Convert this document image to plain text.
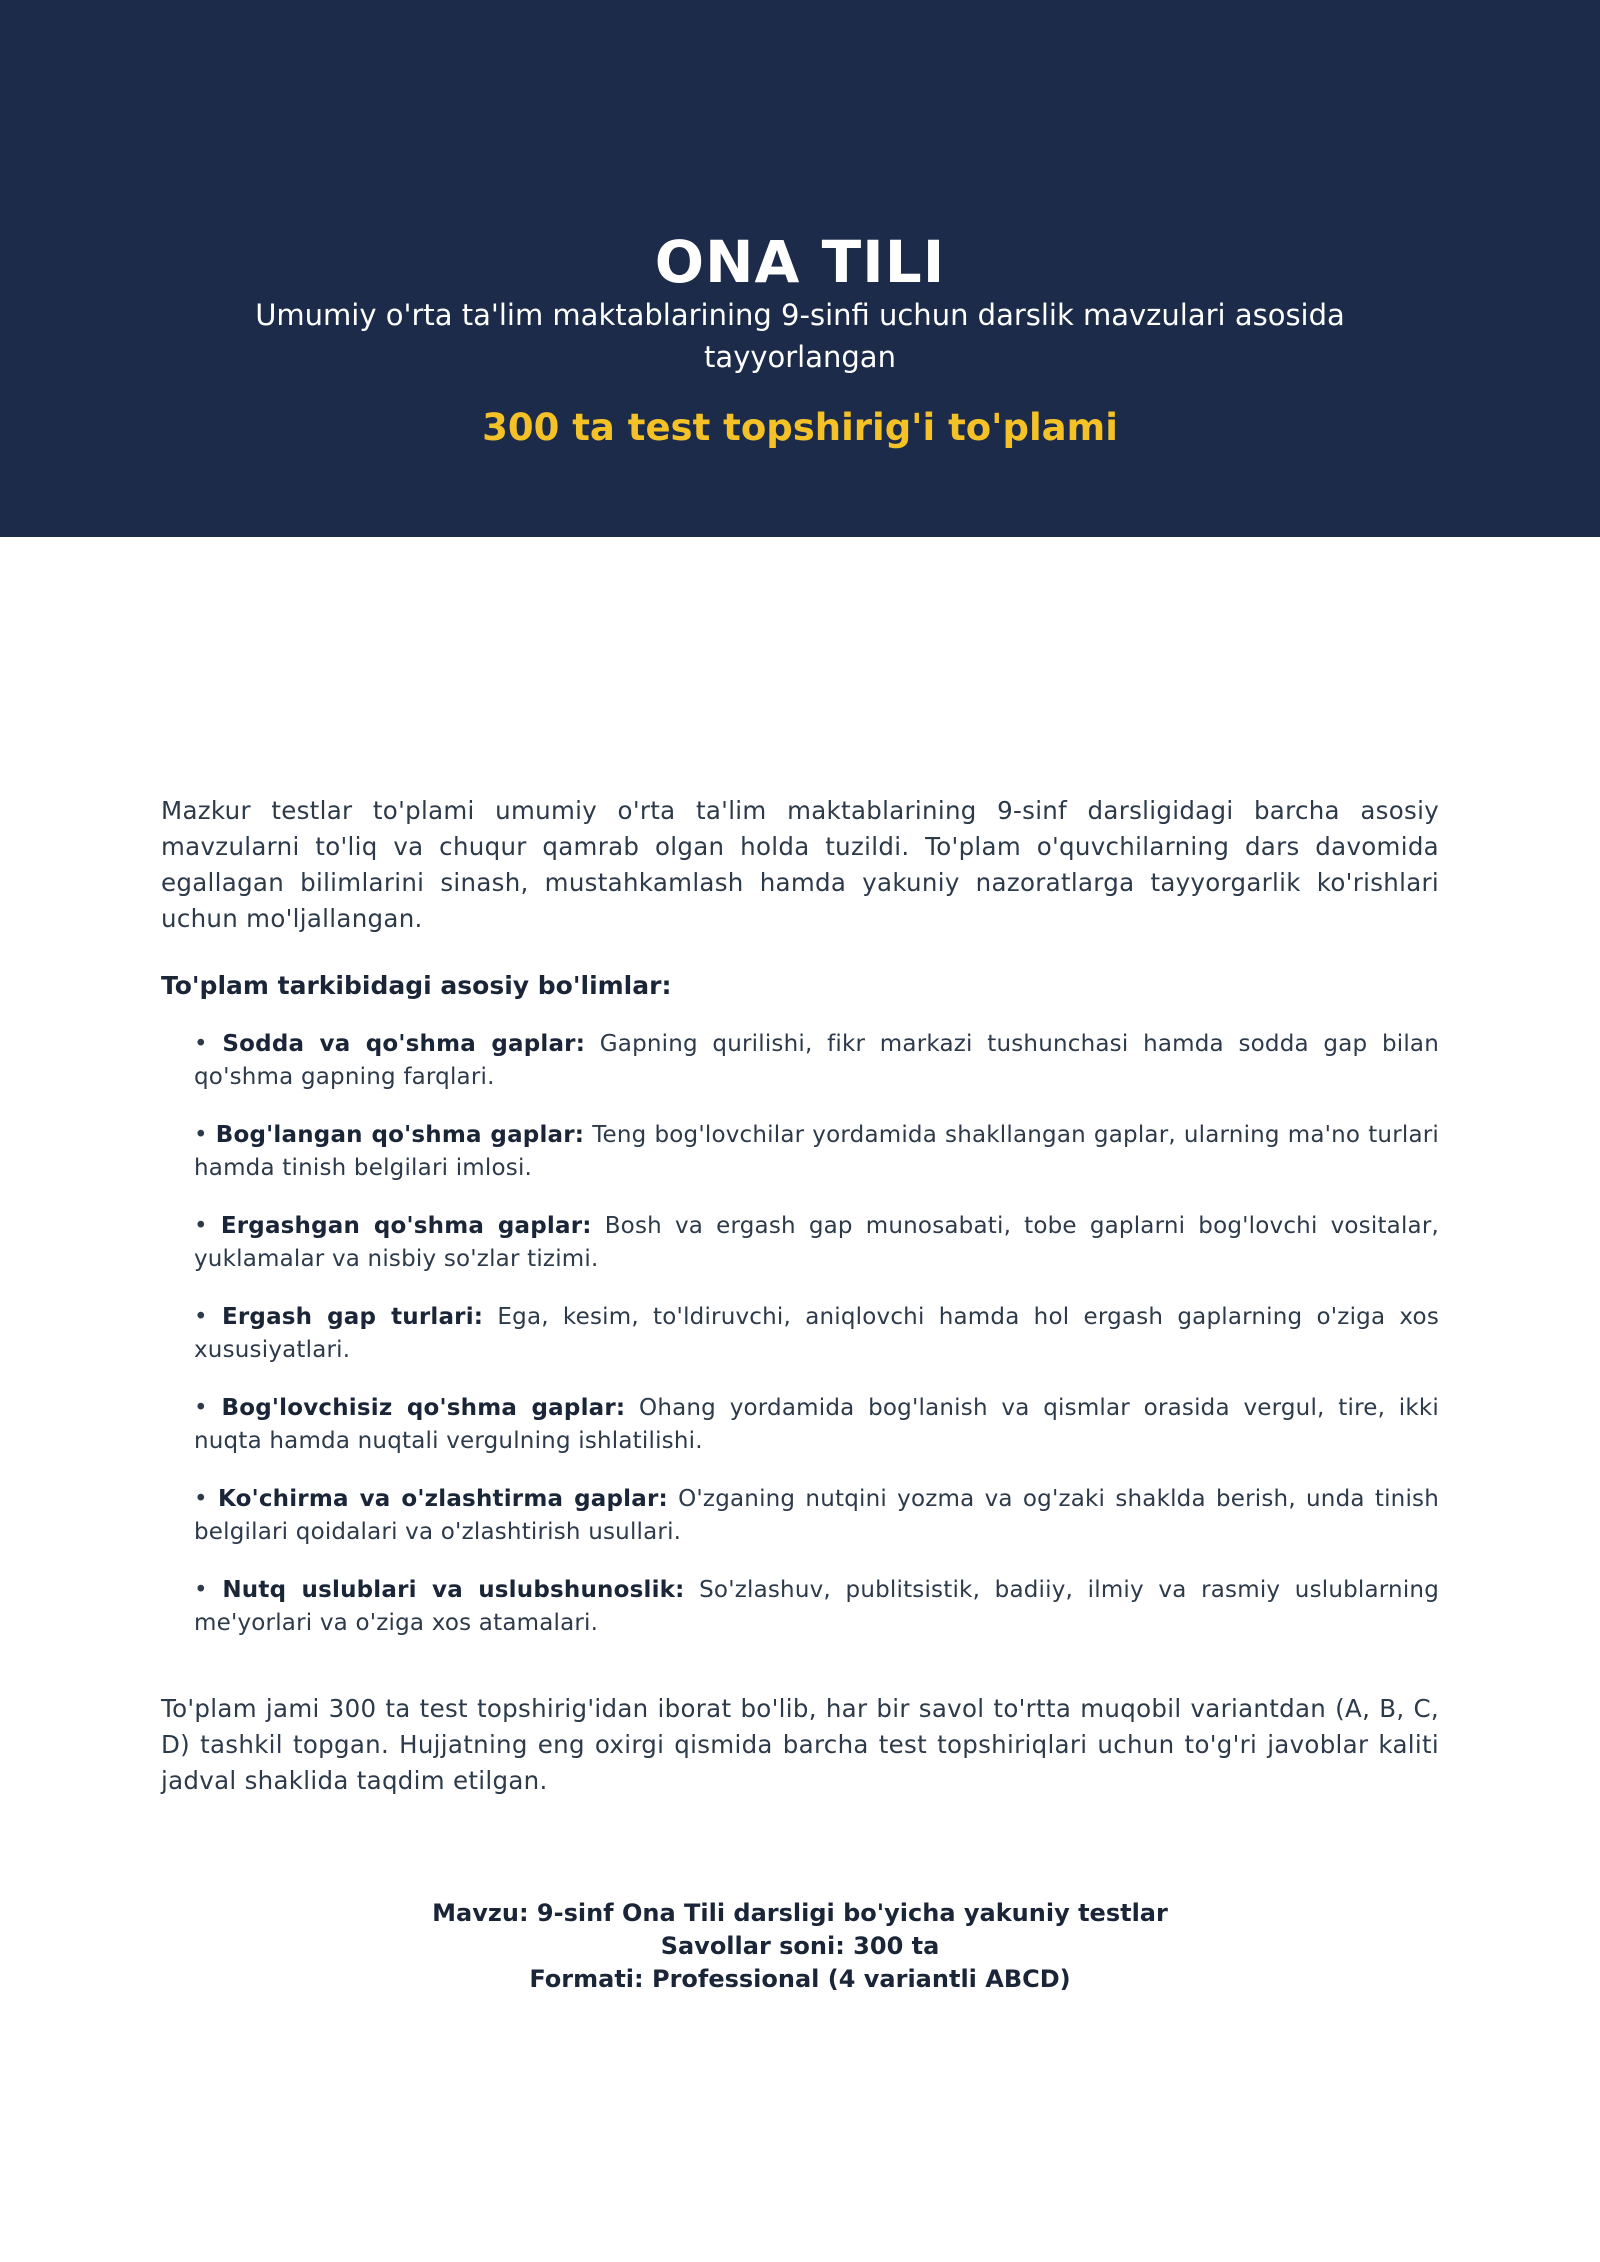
ONA TILI
Umumiy o'rta ta'lim maktablarining 9-sinfi uchun darslik mavzulari asosida tayyorlangan
300 ta test topshirig'i to'plami

Mazkur testlar to'plami umumiy o'rta ta'lim maktablarining 9-sinf darsligidagi barcha asosiy mavzularni to'liq va chuqur qamrab olgan holda tuzildi. To'plam o'quvchilarning dars davomida egallagan bilimlarini sinash, mustahkamlash hamda yakuniy nazoratlarga tayyorgarlik ko'rishlari uchun mo'ljallangan.

To'plam tarkibidagi asosiy bo'limlar:
• Sodda va qo'shma gaplar: Gapning qurilishi, fikr markazi tushunchasi hamda sodda gap bilan qo'shma gapning farqlari.
• Bog'langan qo'shma gaplar: Teng bog'lovchilar yordamida shakllangan gaplar, ularning ma'no turlari hamda tinish belgilari imlosi.
• Ergashgan qo'shma gaplar: Bosh va ergash gap munosabati, tobe gaplarni bog'lovchi vositalar, yuklamalar va nisbiy so'zlar tizimi.
• Ergash gap turlari: Ega, kesim, to'ldiruvchi, aniqlovchi hamda hol ergash gaplarning o'ziga xos xususiyatlari.
• Bog'lovchisiz qo'shma gaplar: Ohang yordamida bog'lanish va qismlar orasida vergul, tire, ikki nuqta hamda nuqtali vergulning ishlatilishi.
• Ko'chirma va o'zlashtirma gaplar: O'zganing nutqini yozma va og'zaki shaklda berish, unda tinish belgilari qoidalari va o'zlashtirish usullari.
• Nutq uslublari va uslubshunoslik: So'zlashuv, publitsistik, badiiy, ilmiy va rasmiy uslublarning me'yorlari va o'ziga xos atamalari.

To'plam jami 300 ta test topshirig'idan iborat bo'lib, har bir savol to'rtta muqobil variantdan (A, B, C, D) tashkil topgan. Hujjatning eng oxirgi qismida barcha test topshiriqlari uchun to'g'ri javoblar kaliti jadval shaklida taqdim etilgan.

Mavzu: 9-sinf Ona Tili darsligi bo'yicha yakuniy testlar
Savollar soni: 300 ta
Formati: Professional (4 variantli ABCD)
